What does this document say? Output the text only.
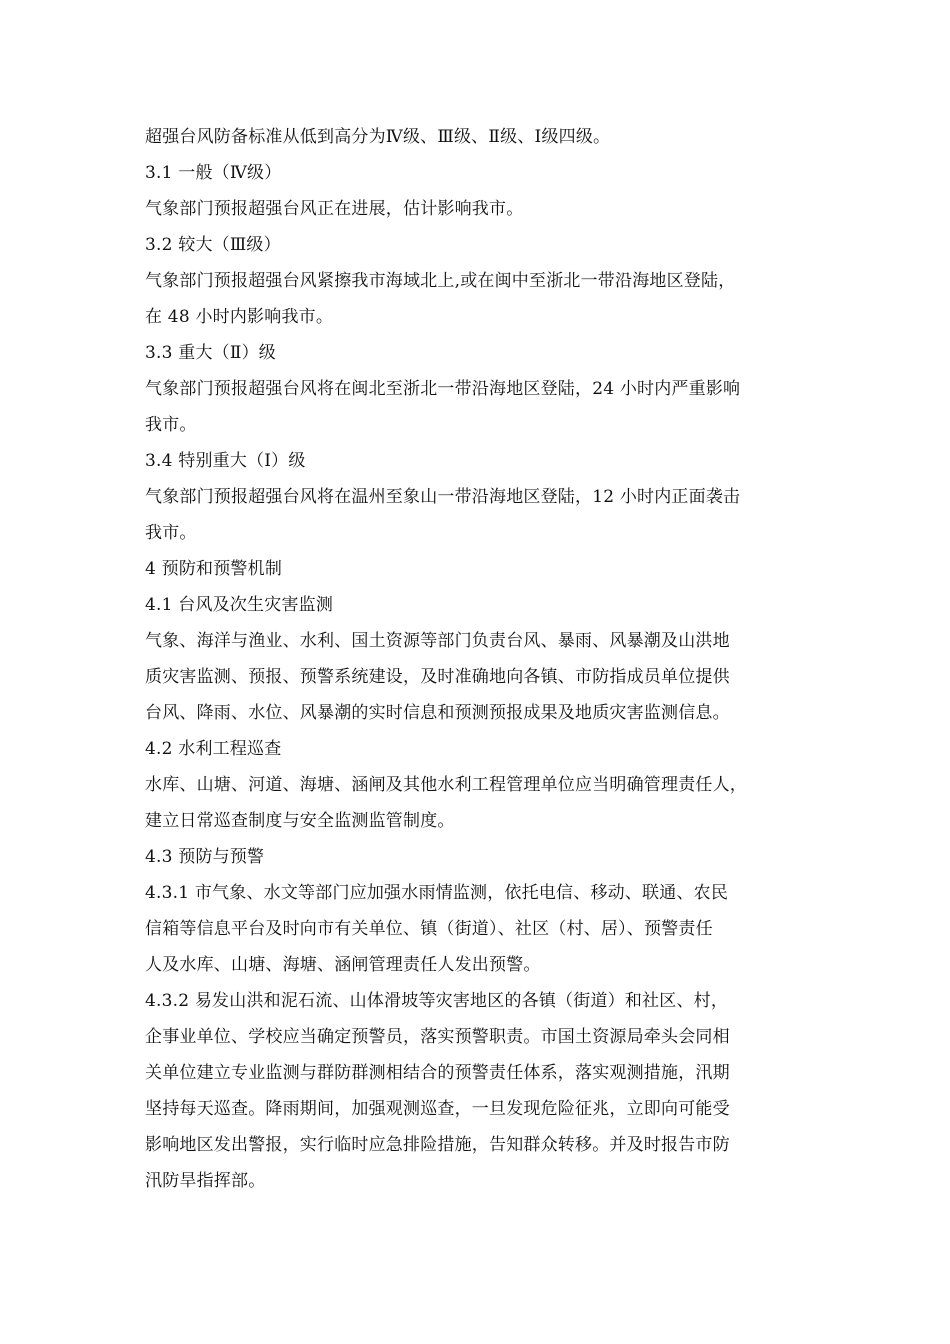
超强台风防备标准从低到高分为Ⅳ级、Ⅲ级、Ⅱ级、Ⅰ级四级。
3.1 一般（Ⅳ级）
气象部门预报超强台风正在进展，估计影响我市。
3.2 较大（Ⅲ级）
气象部门预报超强台风紧擦我市海域北上,或在闽中至浙北一带沿海地区登陆，
在 48 小时内影响我市。
3.3 重大（Ⅱ）级
气象部门预报超强台风将在闽北至浙北一带沿海地区登陆，24 小时内严重影响
我市。
3.4 特别重大（Ⅰ）级
气象部门预报超强台风将在温州至象山一带沿海地区登陆，12 小时内正面袭击
我市。
4 预防和预警机制
4.1 台风及次生灾害监测
气象、海洋与渔业、水利、国土资源等部门负责台风、暴雨、风暴潮及山洪地
质灾害监测、预报、预警系统建设，及时准确地向各镇、市防指成员单位提供
台风、降雨、水位、风暴潮的实时信息和预测预报成果及地质灾害监测信息。
4.2 水利工程巡查
水库、山塘、河道、海塘、涵闸及其他水利工程管理单位应当明确管理责任人，
建立日常巡查制度与安全监测监管制度。
4.3 预防与预警
4.3.1 市气象、水文等部门应加强水雨情监测，依托电信、移动、联通、农民
信箱等信息平台及时向市有关单位、镇（街道）、社区（村、居）、预警责任
人及水库、山塘、海塘、涵闸管理责任人发出预警。
4.3.2 易发山洪和泥石流、山体滑坡等灾害地区的各镇（街道）和社区、村，
企事业单位、学校应当确定预警员，落实预警职责。市国土资源局牵头会同相
关单位建立专业监测与群防群测相结合的预警责任体系，落实观测措施，汛期
坚持每天巡查。降雨期间，加强观测巡查，一旦发现危险征兆，立即向可能受
影响地区发出警报，实行临时应急排险措施，告知群众转移。并及时报告市防
汛防旱指挥部。
